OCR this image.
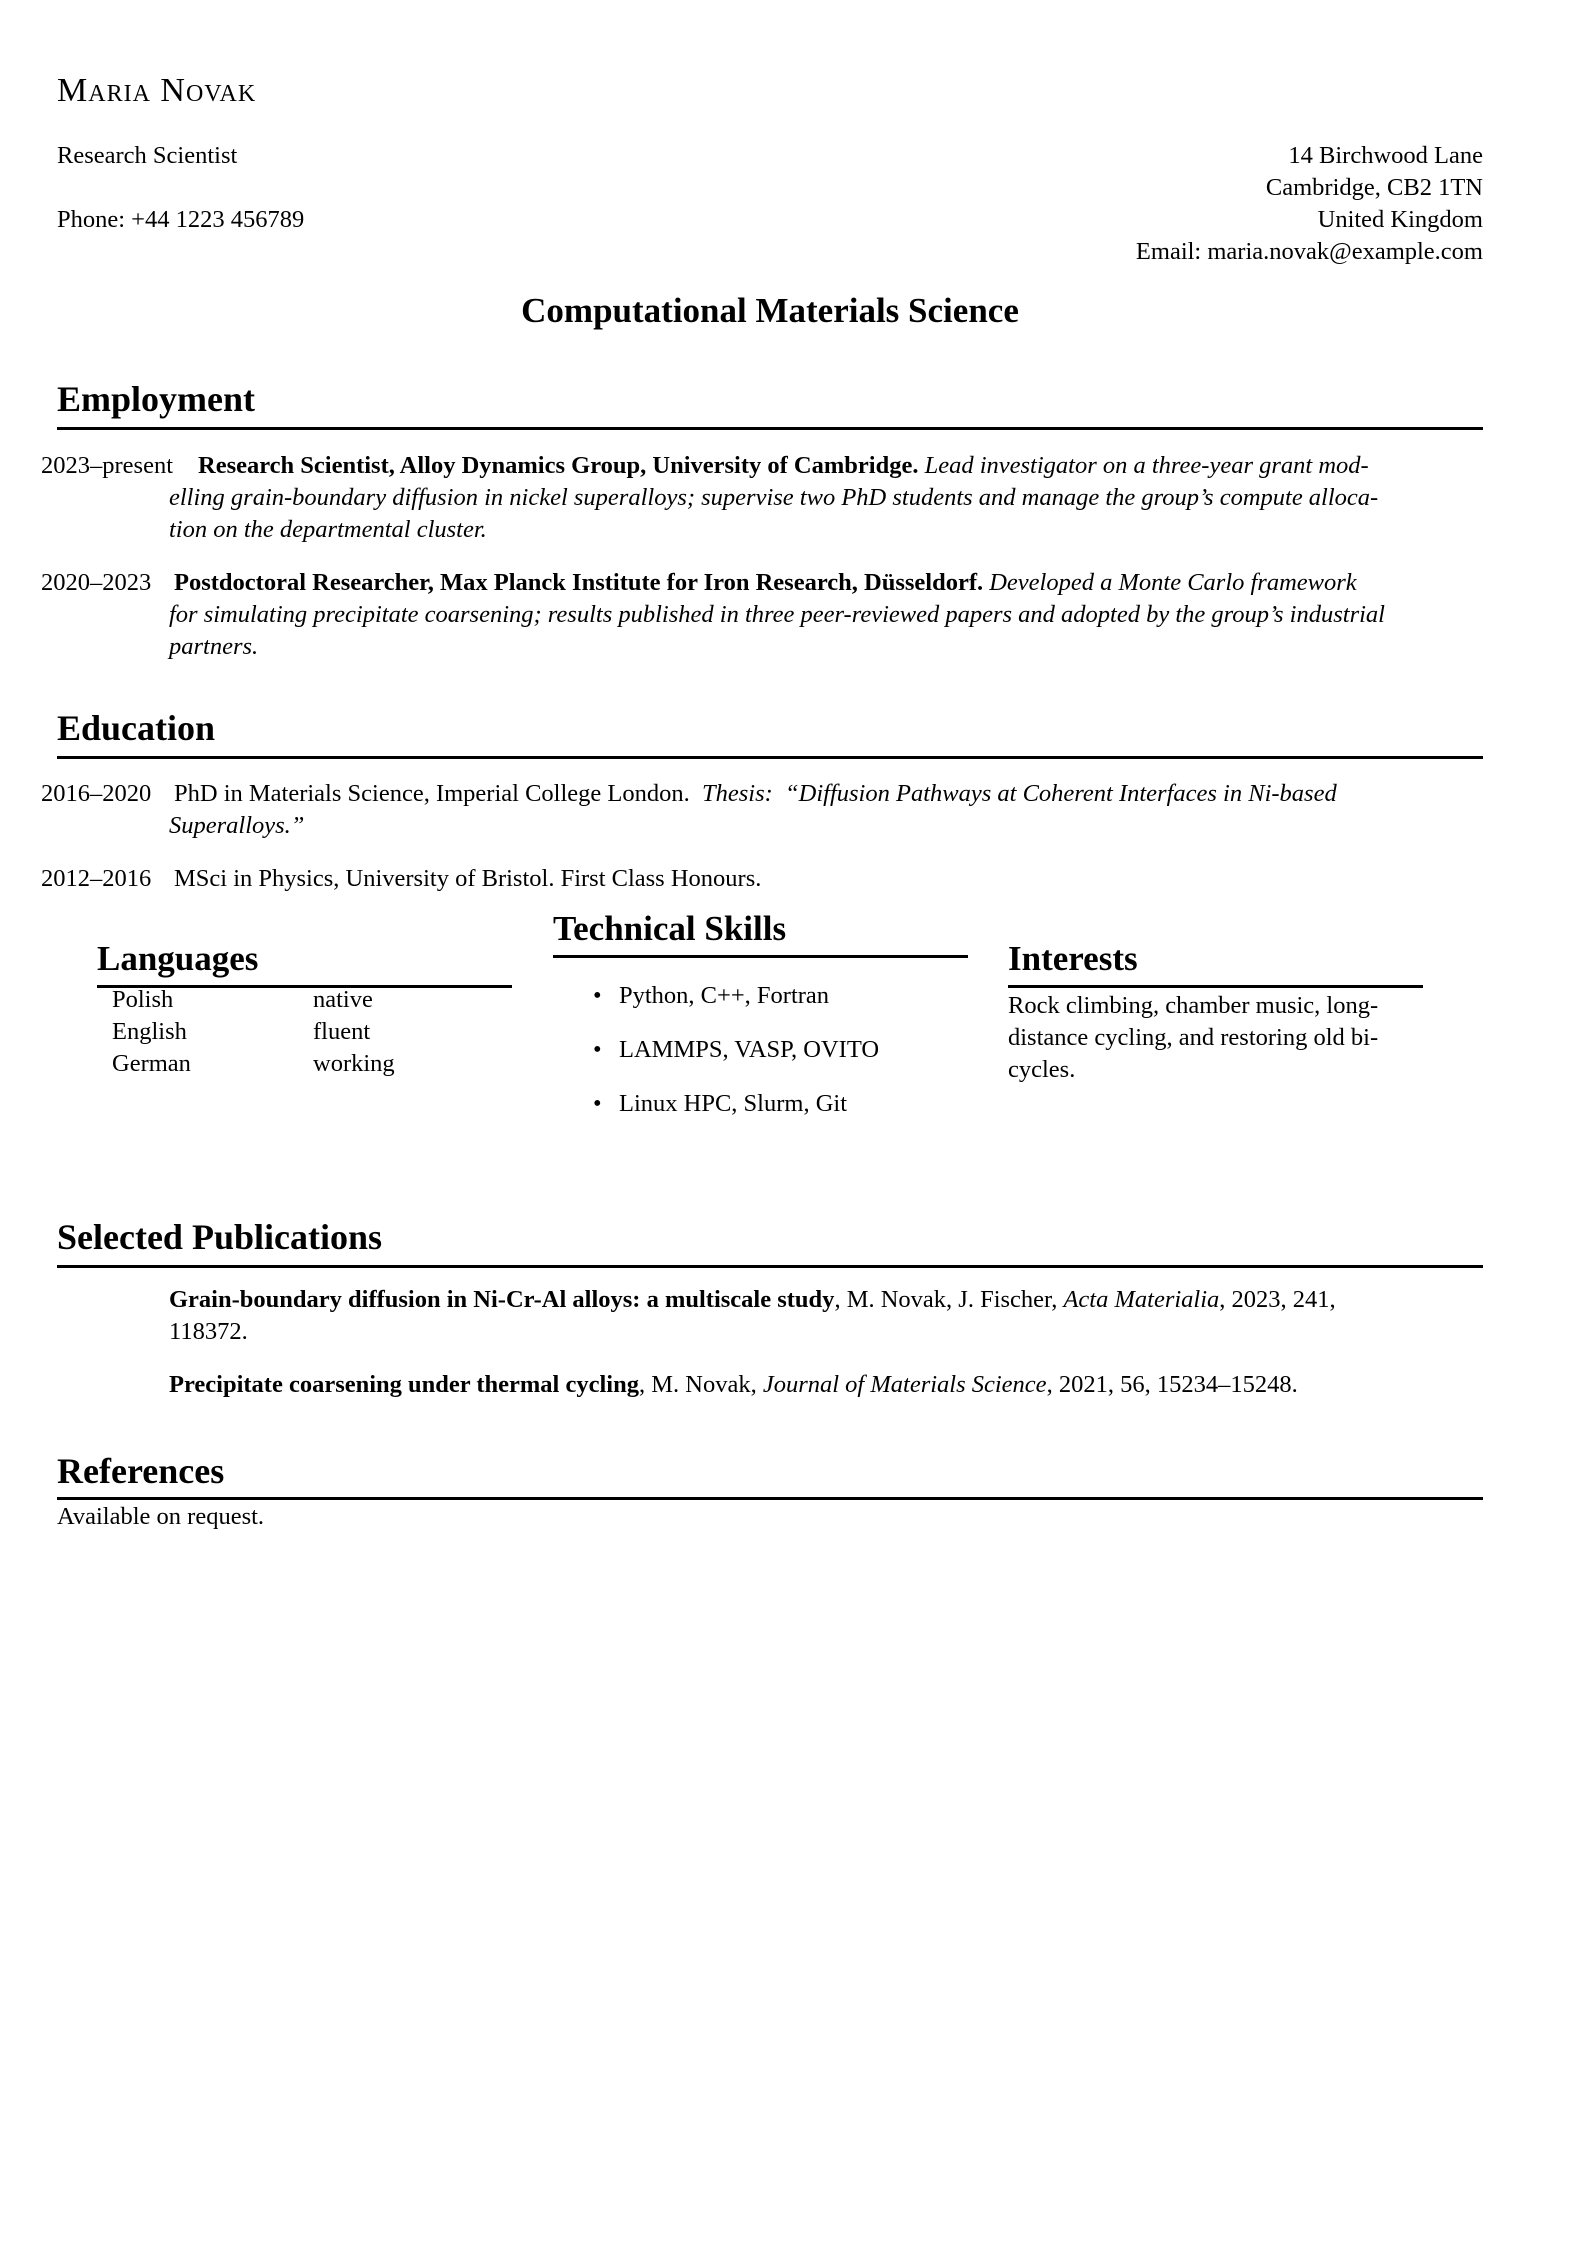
Maria Novak
Research Scientist
Phone: +44 1223 456789
14 Birchwood Lane
Cambridge, CB2 1TN
United Kingdom
Email: maria.novak@example.com
Computational Materials Science
Employment
2023–present Research Scientist, Alloy Dynamics Group, University of Cambridge. Lead investigator on a three-year grant mod-
elling grain-boundary diffusion in nickel superalloys; supervise two PhD students and manage the group’s compute alloca-
tion on the departmental cluster.
2020–2023 Postdoctoral Researcher, Max Planck Institute for Iron Research, Düsseldorf. Developed a Monte Carlo framework
for simulating precipitate coarsening; results published in three peer-reviewed papers and adopted by the group’s industrial
partners.
Education
2016–2020 PhD in Materials Science, Imperial College London. Thesis: “Diffusion Pathways at Coherent Interfaces in Ni-based
Superalloys.”
2012–2016 MSci in Physics, University of Bristol. First Class Honours.
Languages
Polish	native
English	fluent
German	working
Technical Skills
• Python, C++, Fortran
• LAMMPS, VASP, OVITO
• Linux HPC, Slurm, Git
Interests
Rock climbing, chamber music, long-
distance cycling, and restoring old bi-
cycles.
Selected Publications
Grain-boundary diffusion in Ni-Cr-Al alloys: a multiscale study, M. Novak, J. Fischer, Acta Materialia, 2023, 241,
118372.
Precipitate coarsening under thermal cycling, M. Novak, Journal of Materials Science, 2021, 56, 15234–15248.
References
Available on request.
